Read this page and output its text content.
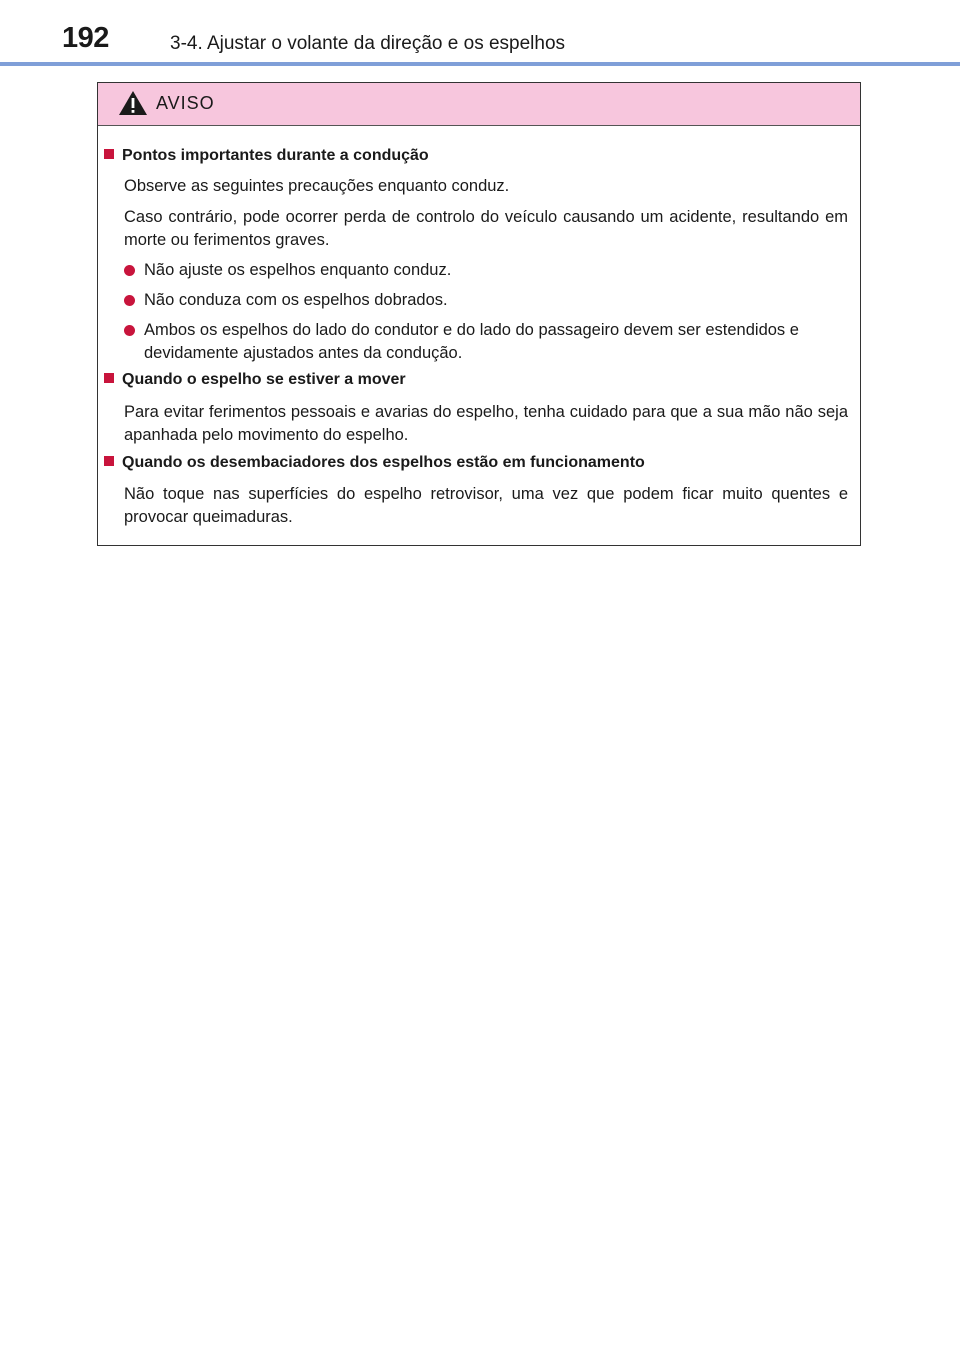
192	3-4. Ajustar o volante da direção e os espelhos
AVISO
Pontos importantes durante a condução
Observe as seguintes precauções enquanto conduz.
Caso contrário, pode ocorrer perda de controlo do veículo causando um acidente, resultando em morte ou ferimentos graves.
Não ajuste os espelhos enquanto conduz.
Não conduza com os espelhos dobrados.
Ambos os espelhos do lado do condutor e do lado do passageiro devem ser estendidos e devidamente ajustados antes da condução.
Quando o espelho se estiver a mover
Para evitar ferimentos pessoais e avarias do espelho, tenha cuidado para que a sua mão não seja apanhada pelo movimento do espelho.
Quando os desembaciadores dos espelhos estão em funcionamento
Não toque nas superfícies do espelho retrovisor, uma vez que podem ficar muito quentes e provocar queimaduras.
